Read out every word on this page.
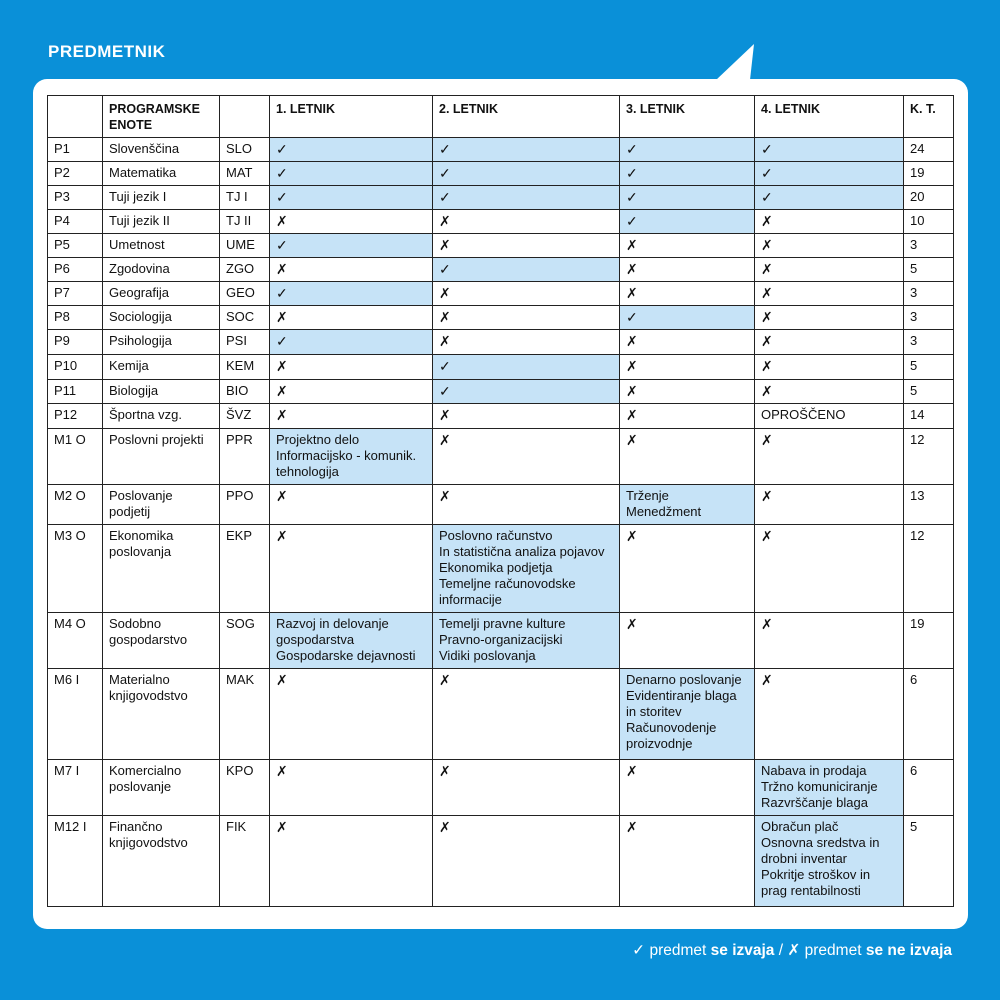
PREDMETNIK
	PROGRAMSKE ENOTE		1. LETNIK	2. LETNIK	3. LETNIK	4. LETNIK	K. T.
P1	Slovenščina	SLO	✓	✓	✓	✓	24
P2	Matematika	MAT	✓	✓	✓	✓	19
P3	Tuji jezik I	TJ I	✓	✓	✓	✓	20
P4	Tuji jezik II	TJ II	✗	✗	✓	✗	10
P5	Umetnost	UME	✓	✗	✗	✗	3
P6	Zgodovina	ZGO	✗	✓	✗	✗	5
P7	Geografija	GEO	✓	✗	✗	✗	3
P8	Sociologija	SOC	✗	✗	✓	✗	3
P9	Psihologija	PSI	✓	✗	✗	✗	3
P10	Kemija	KEM	✗	✓	✗	✗	5
P11	Biologija	BIO	✗	✓	✗	✗	5
P12	Športna vzg.	ŠVZ	✗	✗	✗	OPROŠČENO	14
M1 O	Poslovni projekti	PPR	Projektno delo
Informacijsko - komunik.
tehnologija	✗	✗	✗	12
M2 O	Poslovanje
podjetij	PPO	✗	✗	Trženje
Menedžment	✗	13
M3 O	Ekonomika
poslovanja	EKP	✗	Poslovno računstvo
In statistična analiza pojavov
Ekonomika podjetja
Temeljne računovodske
informacije	✗	✗	12
M4 O	Sodobno
gospodarstvo	SOG	Razvoj in delovanje
gospodarstva
Gospodarske dejavnosti	Temelji pravne kulture
Pravno-organizacijski
Vidiki poslovanja	✗	✗	19
M6 I	Materialno
knjigovodstvo	MAK	✗	✗	Denarno poslovanje
Evidentiranje blaga
in storitev
Računovodenje
proizvodnje	✗	6
M7 I	Komercialno
poslovanje	KPO	✗	✗	✗	Nabava in prodaja
Tržno komuniciranje
Razvrščanje blaga	6
M12 I	Finančno
knjigovodstvo	FIK	✗	✗	✗	Obračun plač
Osnovna sredstva in
drobni inventar
Pokritje stroškov in
prag rentabilnosti	5
✓ predmet se izvaja / ✗ predmet se ne izvaja
